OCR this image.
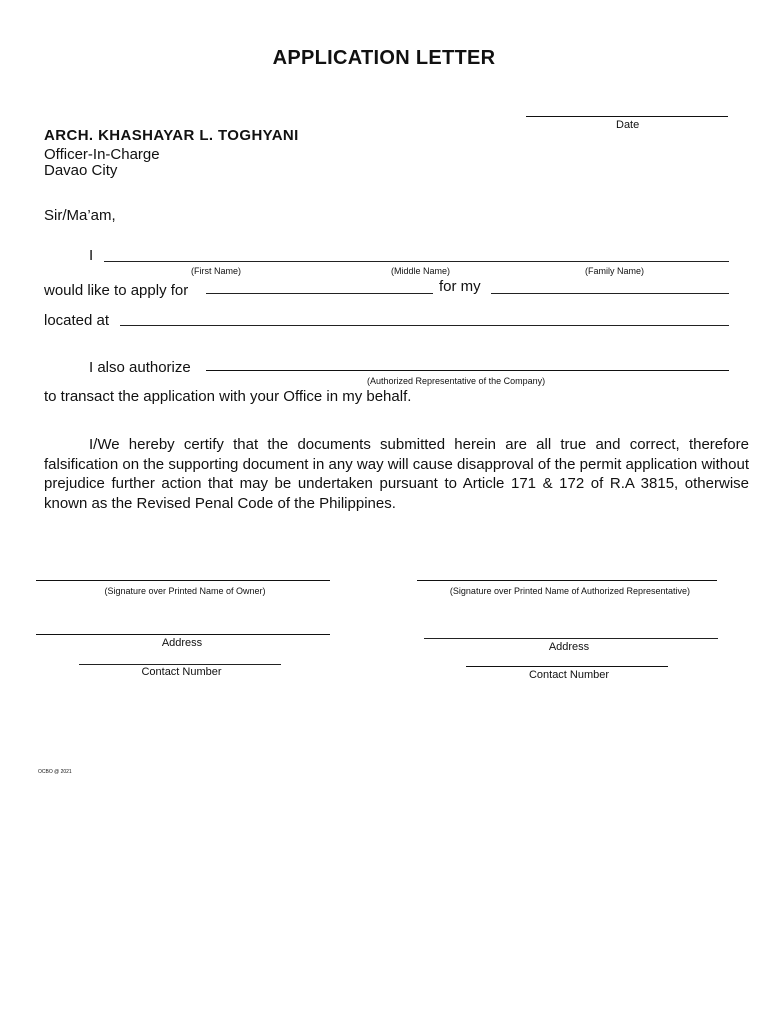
APPLICATION LETTER
Date
ARCH. KHASHAYAR L. TOGHYANI
Officer-In-Charge
Davao City
Sir/Ma’am,
I
(First Name)	(Middle Name)	(Family Name)
would like to apply for	for my
located at
I also authorize
(Authorized Representative of the Company)
to transact the application with your Office in my behalf.
I/We hereby certify that the documents submitted herein are all true and correct, therefore falsification on the supporting document in any way will cause disapproval of the permit application without prejudice further action that may be undertaken pursuant to Article 171 & 172 of R.A 3815, otherwise known as the Revised Penal Code of the Philippines.
(Signature over Printed Name of Owner)	(Signature over Printed Name of Authorized Representative)
Address	Address
Contact Number	Contact Number
OCBO @ 2021
